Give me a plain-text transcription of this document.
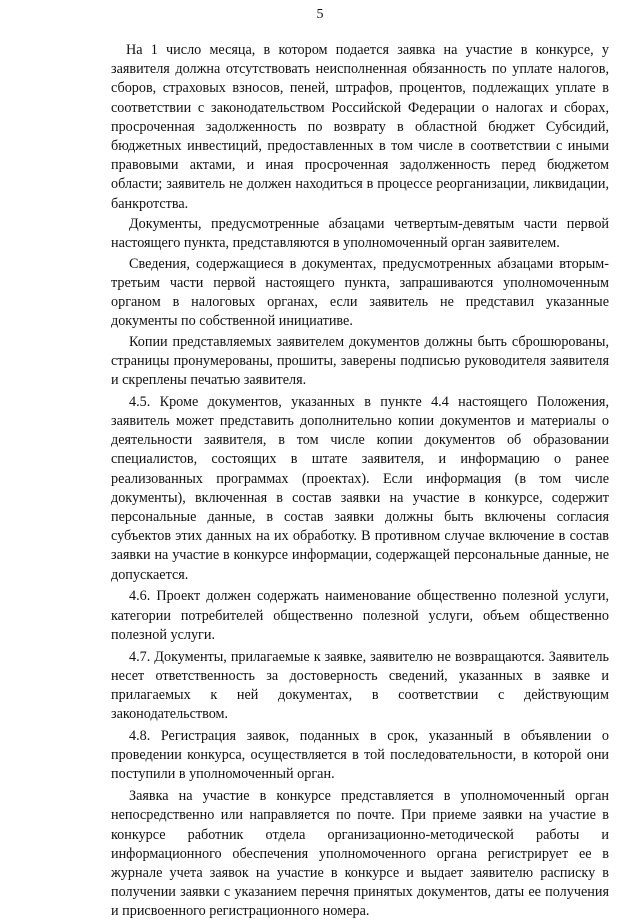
5

На 1 число месяца, в котором подается заявка на участие в конкурсе, у заявителя должна отсутствовать неисполненная обязанность по уплате налогов, сборов, страховых взносов, пеней, штрафов, процентов, подлежащих уплате в соответствии с законодательством Российской Федерации о налогах и сборах, просроченная задолженность по возврату в областной бюджет Субсидий, бюджетных инвестиций, предоставленных в том числе в соответствии с иными правовыми актами, и иная просроченная задолженность перед бюджетом области; заявитель не должен находиться в процессе реорганизации, ликвидации, банкротства.

Документы, предусмотренные абзацами четвертым-девятым части первой настоящего пункта, представляются в уполномоченный орган заявителем.

Сведения, содержащиеся в документах, предусмотренных абзацами вторым-третьим части первой настоящего пункта, запрашиваются уполномоченным органом в налоговых органах, если заявитель не представил указанные документы по собственной инициативе.

Копии представляемых заявителем документов должны быть сброшюрованы, страницы пронумерованы, прошиты, заверены подписью руководителя заявителя и скреплены печатью заявителя.

4.5. Кроме документов, указанных в пункте 4.4 настоящего Положения, заявитель может представить дополнительно копии документов и материалы о деятельности заявителя, в том числе копии документов об образовании специалистов, состоящих в штате заявителя, и информацию о ранее реализованных программах (проектах). Если информация (в том числе документы), включенная в состав заявки на участие в конкурсе, содержит персональные данные, в состав заявки должны быть включены согласия субъектов этих данных на их обработку. В противном случае включение в состав заявки на участие в конкурсе информации, содержащей персональные данные, не допускается.

4.6. Проект должен содержать наименование общественно полезной услуги, категории потребителей общественно полезной услуги, объем общественно полезной услуги.

4.7. Документы, прилагаемые к заявке, заявителю не возвращаются. Заявитель несет ответственность за достоверность сведений, указанных в заявке и прилагаемых к ней документах, в соответствии с действующим законодательством.

4.8. Регистрация заявок, поданных в срок, указанный в объявлении о проведении конкурса, осуществляется в той последовательности, в которой они поступили в уполномоченный орган.

Заявка на участие в конкурсе представляется в уполномоченный орган непосредственно или направляется по почте. При приеме заявки на участие в конкурсе работник отдела организационно-методической работы и информационного обеспечения уполномоченного органа регистрирует ее в журнале учета заявок на участие в конкурсе и выдает заявителю расписку в получении заявки с указанием перечня принятых документов, даты ее получения и присвоенного регистрационного номера.
